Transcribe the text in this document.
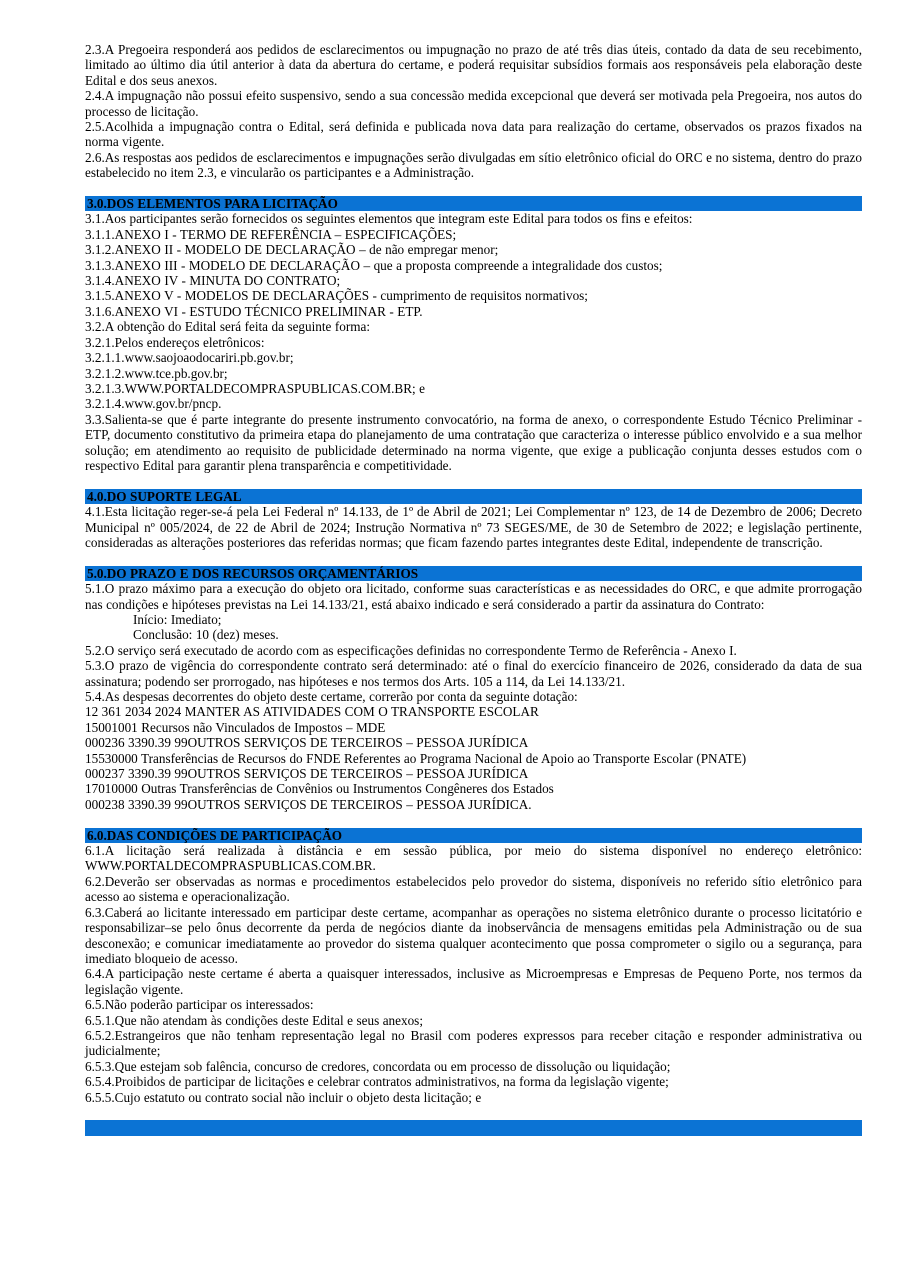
2.3.A Pregoeira responderá aos pedidos de esclarecimentos ou impugnação no prazo de até três dias úteis, contado da data de seu recebimento, limitado ao último dia útil anterior à data da abertura do certame, e poderá requisitar subsídios formais aos responsáveis pela elaboração deste Edital e dos seus anexos.
2.4.A impugnação não possui efeito suspensivo, sendo a sua concessão medida excepcional que deverá ser motivada pela Pregoeira, nos autos do processo de licitação.
2.5.Acolhida a impugnação contra o Edital, será definida e publicada nova data para realização do certame, observados os prazos fixados na norma vigente.
2.6.As respostas aos pedidos de esclarecimentos e impugnações serão divulgadas em sítio eletrônico oficial do ORC e no sistema, dentro do prazo estabelecido no item 2.3, e vincularão os participantes e a Administração.
3.0.DOS ELEMENTOS PARA LICITAÇÃO
3.1.Aos participantes serão fornecidos os seguintes elementos que integram este Edital para todos os fins e efeitos:
3.1.1.ANEXO I - TERMO DE REFERÊNCIA – ESPECIFICAÇÕES;
3.1.2.ANEXO II - MODELO DE DECLARAÇÃO – de não empregar menor;
3.1.3.ANEXO III - MODELO DE DECLARAÇÃO – que a proposta compreende a integralidade dos custos;
3.1.4.ANEXO IV - MINUTA DO CONTRATO;
3.1.5.ANEXO V - MODELOS DE DECLARAÇÕES - cumprimento de requisitos normativos;
3.1.6.ANEXO VI - ESTUDO TÉCNICO PRELIMINAR - ETP.
3.2.A obtenção do Edital será feita da seguinte forma:
3.2.1.Pelos endereços eletrônicos:
3.2.1.1.www.saojoaodocariri.pb.gov.br;
3.2.1.2.www.tce.pb.gov.br;
3.2.1.3.WWW.PORTALDECOMPRASPUBLICAS.COM.BR; e
3.2.1.4.www.gov.br/pncp.
3.3.Salienta-se que é parte integrante do presente instrumento convocatório, na forma de anexo, o correspondente Estudo Técnico Preliminar - ETP, documento constitutivo da primeira etapa do planejamento de uma contratação que caracteriza o interesse público envolvido e a sua melhor solução; em atendimento ao requisito de publicidade determinado na norma vigente, que exige a publicação conjunta desses estudos com o respectivo Edital para garantir plena transparência e competitividade.
4.0.DO SUPORTE LEGAL
4.1.Esta licitação reger-se-á pela Lei Federal nº 14.133, de 1º de Abril de 2021; Lei Complementar nº 123, de 14 de Dezembro de 2006; Decreto Municipal nº 005/2024, de 22 de Abril de 2024; Instrução Normativa nº 73 SEGES/ME, de 30 de Setembro de 2022; e legislação pertinente, consideradas as alterações posteriores das referidas normas; que ficam fazendo partes integrantes deste Edital, independente de transcrição.
5.0.DO PRAZO E DOS RECURSOS ORÇAMENTÁRIOS
5.1.O prazo máximo para a execução do objeto ora licitado, conforme suas características e as necessidades do ORC, e que admite prorrogação nas condições e hipóteses previstas na Lei 14.133/21, está abaixo indicado e será considerado a partir da assinatura do Contrato:
Início: Imediato;
Conclusão: 10 (dez) meses.
5.2.O serviço será executado de acordo com as especificações definidas no correspondente Termo de Referência - Anexo I.
5.3.O prazo de vigência do correspondente contrato será determinado: até o final do exercício financeiro de 2026, considerado da data de sua assinatura; podendo ser prorrogado, nas hipóteses e nos termos dos Arts. 105 a 114, da Lei 14.133/21.
5.4.As despesas decorrentes do objeto deste certame, correrão por conta da seguinte dotação:
12 361 2034 2024 MANTER AS ATIVIDADES COM O TRANSPORTE ESCOLAR
15001001 Recursos não Vinculados de Impostos – MDE
000236 3390.39 99OUTROS SERVIÇOS DE TERCEIROS – PESSOA JURÍDICA
15530000 Transferências de Recursos do FNDE Referentes ao Programa Nacional de Apoio ao Transporte Escolar (PNATE)
000237 3390.39 99OUTROS SERVIÇOS DE TERCEIROS – PESSOA JURÍDICA
17010000 Outras Transferências de Convênios ou Instrumentos Congêneres dos Estados
000238 3390.39 99OUTROS SERVIÇOS DE TERCEIROS – PESSOA JURÍDICA.
6.0.DAS CONDIÇÕES DE PARTICIPAÇÃO
6.1.A licitação será realizada à distância e em sessão pública, por meio do sistema disponível no endereço eletrônico: WWW.PORTALDECOMPRASPUBLICAS.COM.BR.
6.2.Deverão ser observadas as normas e procedimentos estabelecidos pelo provedor do sistema, disponíveis no referido sítio eletrônico para acesso ao sistema e operacionalização.
6.3.Caberá ao licitante interessado em participar deste certame, acompanhar as operações no sistema eletrônico durante o processo licitatório e responsabilizar–se pelo ônus decorrente da perda de negócios diante da inobservância de mensagens emitidas pela Administração ou de sua desconexão; e comunicar imediatamente ao provedor do sistema qualquer acontecimento que possa comprometer o sigilo ou a segurança, para imediato bloqueio de acesso.
6.4.A participação neste certame é aberta a quaisquer interessados, inclusive as Microempresas e Empresas de Pequeno Porte, nos termos da legislação vigente.
6.5.Não poderão participar os interessados:
6.5.1.Que não atendam às condições deste Edital e seus anexos;
6.5.2.Estrangeiros que não tenham representação legal no Brasil com poderes expressos para receber citação e responder administrativa ou judicialmente;
6.5.3.Que estejam sob falência, concurso de credores, concordata ou em processo de dissolução ou liquidação;
6.5.4.Proibidos de participar de licitações e celebrar contratos administrativos, na forma da legislação vigente;
6.5.5.Cujo estatuto ou contrato social não incluir o objeto desta licitação; e
